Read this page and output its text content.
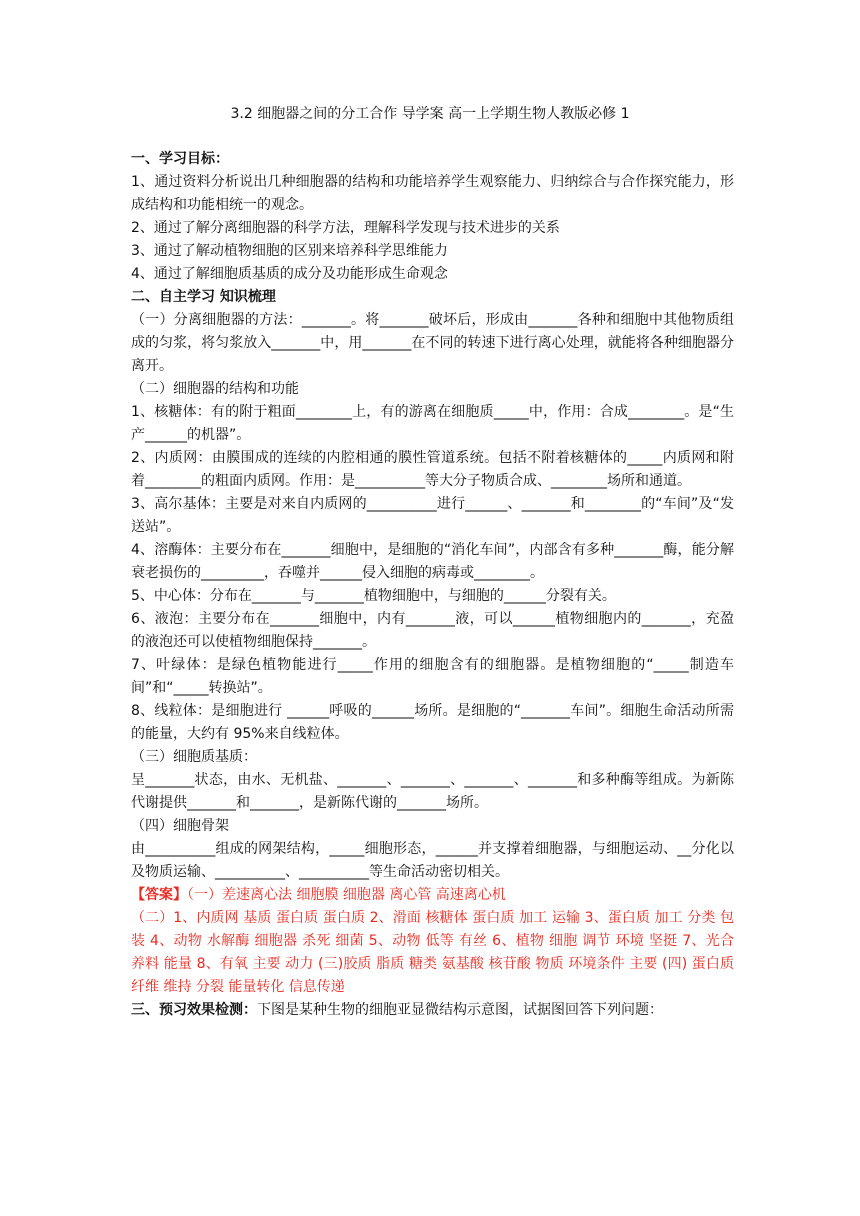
3.2 细胞器之间的分工合作 导学案 高一上学期生物人教版必修 1

一、学习目标：

1、通过资料分析说出几种细胞器的结构和功能培养学生观察能力、归纳综合与合作探究能力，形成结构和功能相统一的观念。

2、通过了解分离细胞器的科学方法，理解科学发现与技术进步的关系

3、通过了解动植物细胞的区别来培养科学思维能力

4、通过了解细胞质基质的成分及功能形成生命观念

二、自主学习 知识梳理

（一）分离细胞器的方法：_______。将_______破坏后，形成由_______各种和细胞中其他物质组成的匀浆，将匀浆放入_______中，用_______在不同的转速下进行离心处理，就能将各种细胞器分离开。

（二）细胞器的结构和功能

1、核糖体：有的附于粗面________上，有的游离在细胞质_____中，作用：合成________。是“生产______的机器”。

2、内质网：由膜围成的连续的内腔相通的膜性管道系统。包括不附着核糖体的_____内质网和附着________的粗面内质网。作用：是__________等大分子物质合成、________场所和通道。

3、高尔基体：主要是对来自内质网的__________进行______、_______和________的“车间”及“发送站”。

4、溶酶体：主要分布在_______细胞中，是细胞的“消化车间”，内部含有多种_______酶，能分解衰老损伤的_________，吞噬并______侵入细胞的病毒或________。

5、中心体：分布在_______与_______植物细胞中，与细胞的______分裂有关。

6、液泡：主要分布在_______细胞中，内有_______液，可以______植物细胞内的_______，充盈的液泡还可以使植物细胞保持_______。

7、叶绿体：是绿色植物能进行_____作用的细胞含有的细胞器。是植物细胞的“_____制造车间”和“_____转换站”。

8、线粒体：是细胞进行 ______呼吸的______场所。是细胞的“_______车间”。细胞生命活动所需的能量，大约有 95%来自线粒体。

（三）细胞质基质：

呈_______状态，由水、无机盐、_______、_______、_______、_______和多种酶等组成。为新陈代谢提供_______和_______，是新陈代谢的_______场所。

（四）细胞骨架

由__________组成的网架结构，_____细胞形态，______并支撑着细胞器，与细胞运动、__分化以及物质运输、__________、__________等生命活动密切相关。

【答案】（一）差速离心法 细胞膜 细胞器 离心管 高速离心机

（二）1、内质网 基质 蛋白质 蛋白质 2、滑面 核糖体 蛋白质 加工 运输 3、蛋白质 加工 分类 包装 4、动物 水解酶 细胞器 杀死 细菌 5、动物 低等 有丝 6、植物 细胞 调节 环境 坚挺 7、光合 养料 能量 8、有氧 主要 动力 (三)胶质 脂质 糖类 氨基酸 核苷酸 物质 环境条件 主要 (四) 蛋白质纤维 维持 分裂 能量转化 信息传递

三、预习效果检测：下图是某种生物的细胞亚显微结构示意图，试据图回答下列问题：
